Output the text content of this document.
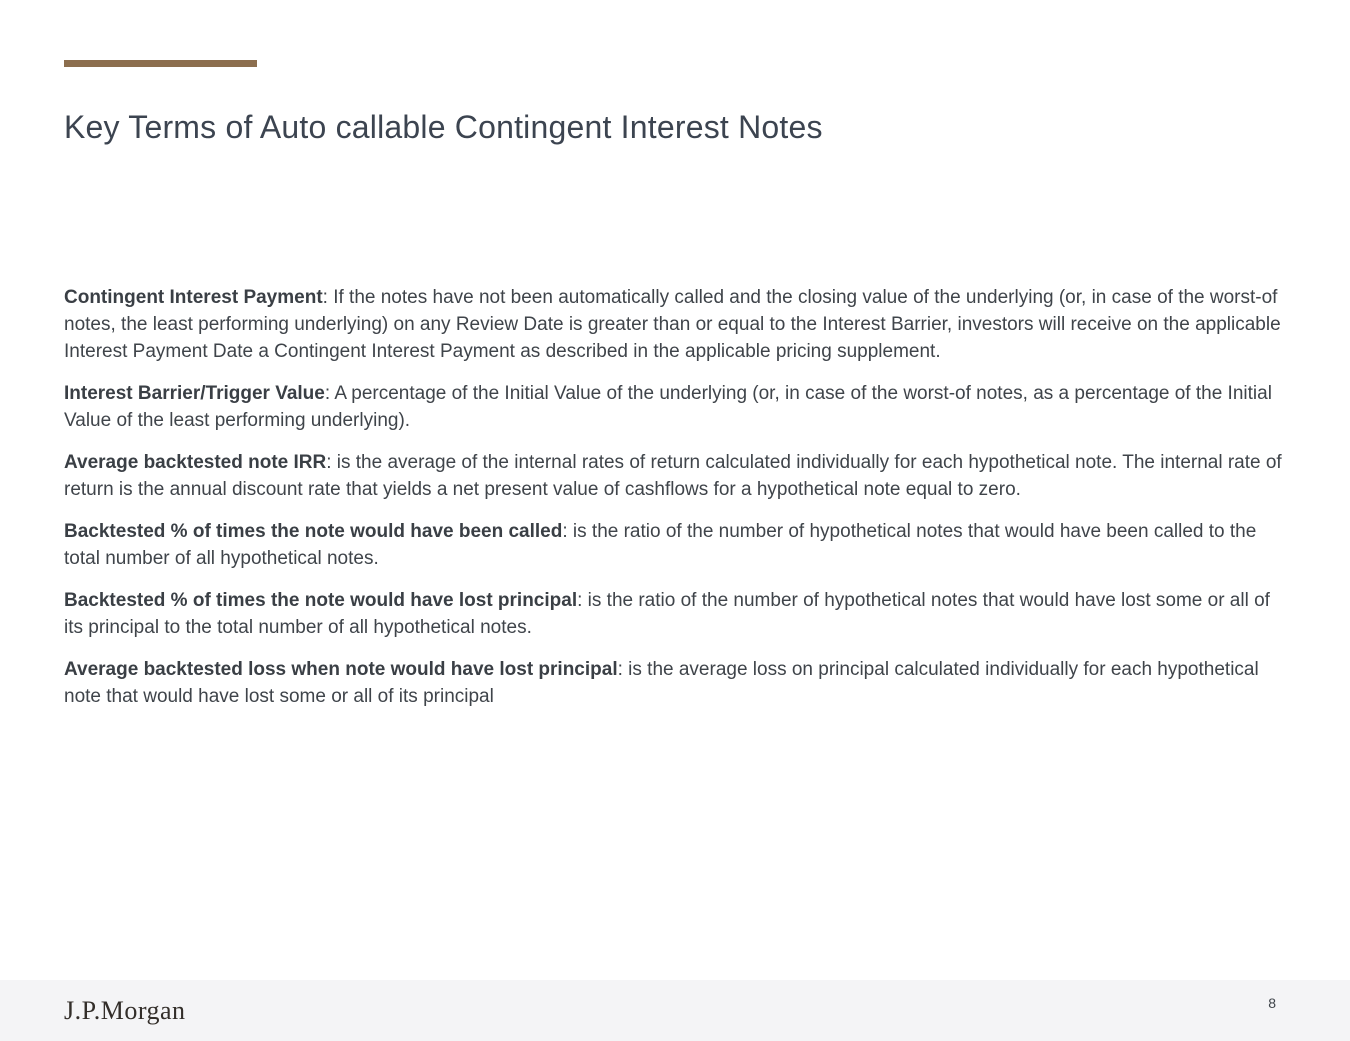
Key Terms of Auto callable Contingent Interest Notes

Contingent Interest Payment: If the notes have not been automatically called and the closing value of the underlying (or, in case of the worst-of notes, the least performing underlying) on any Review Date is greater than or equal to the Interest Barrier, investors will receive on the applicable Interest Payment Date a Contingent Interest Payment as described in the applicable pricing supplement.

Interest Barrier/Trigger Value: A percentage of the Initial Value of the underlying (or, in case of the worst-of notes, as a percentage of the Initial Value of the least performing underlying).

Average backtested note IRR: is the average of the internal rates of return calculated individually for each hypothetical note. The internal rate of return is the annual discount rate that yields a net present value of cashflows for a hypothetical note equal to zero.

Backtested % of times the note would have been called: is the ratio of the number of hypothetical notes that would have been called to the total number of all hypothetical notes.

Backtested % of times the note would have lost principal: is the ratio of the number of hypothetical notes that would have lost some or all of its principal to the total number of all hypothetical notes.

Average backtested loss when note would have lost principal: is the average loss on principal calculated individually for each hypothetical note that would have lost some or all of its principal

J.P.Morgan	8
